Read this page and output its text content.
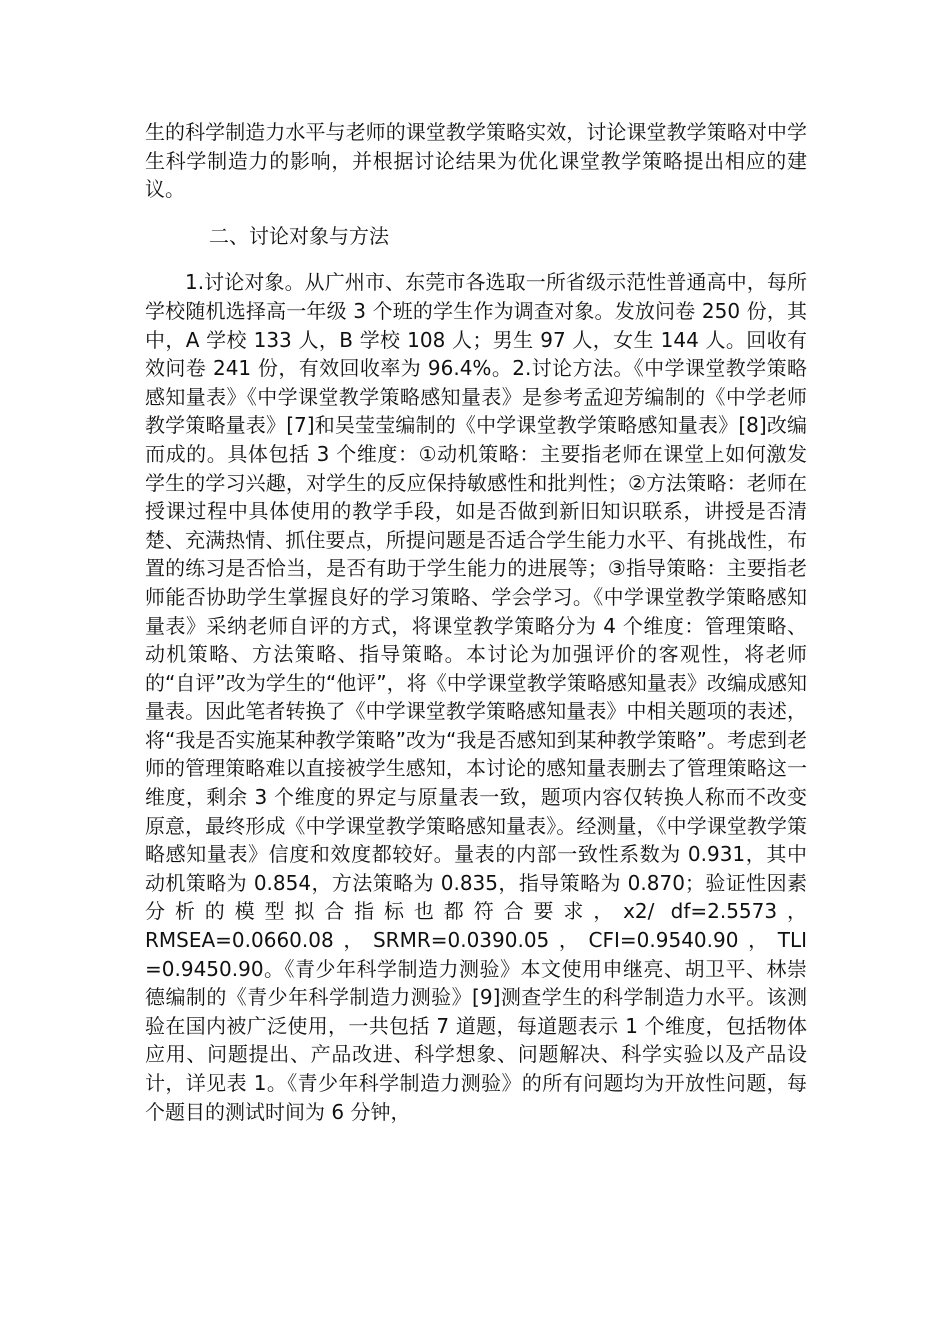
生的科学制造力水平与老师的课堂教学策略实效，讨论课堂教学策略对中学生科学制造力的影响，并根据讨论结果为优化课堂教学策略提出相应的建议。

二、讨论对象与方法

1.讨论对象。从广州市、东莞市各选取一所省级示范性普通高中，每所学校随机选择高一年级 3 个班的学生作为调查对象。发放问卷 250 份，其中，A 学校 133 人，B 学校 108 人；男生 97 人，女生 144 人。回收有效问卷 241 份，有效回收率为 96.4%。2.讨论方法。《中学课堂教学策略感知量表》《中学课堂教学策略感知量表》是参考孟迎芳编制的《中学老师教学策略量表》[7]和吴莹莹编制的《中学课堂教学策略感知量表》[8]改编而成的。具体包括 3 个维度：①动机策略：主要指老师在课堂上如何激发学生的学习兴趣，对学生的反应保持敏感性和批判性；②方法策略：老师在授课过程中具体使用的教学手段，如是否做到新旧知识联系，讲授是否清楚、充满热情、抓住要点，所提问题是否适合学生能力水平、有挑战性，布置的练习是否恰当，是否有助于学生能力的进展等；③指导策略：主要指老师能否协助学生掌握良好的学习策略、学会学习。《中学课堂教学策略感知量表》采纳老师自评的方式，将课堂教学策略分为 4 个维度：管理策略、动机策略、方法策略、指导策略。本讨论为加强评价的客观性，将老师的“自评”改为学生的“他评”，将《中学课堂教学策略感知量表》改编成感知量表。因此笔者转换了《中学课堂教学策略感知量表》中相关题项的表述，将“我是否实施某种教学策略”改为“我是否感知到某种教学策略”。考虑到老师的管理策略难以直接被学生感知，本讨论的感知量表删去了管理策略这一维度，剩余 3 个维度的界定与原量表一致，题项内容仅转换人称而不改变原意，最终形成《中学课堂教学策略感知量表》。经测量，《中学课堂教学策略感知量表》信度和效度都较好。量表的内部一致性系数为 0.931，其中动机策略为 0.854，方法策略为 0.835，指导策略为 0.870；验证性因素分析的模型拟合指标也都符合要求，x2/ df=2.5573，RMSEA=0.0660.08，SRMR=0.0390.05，CFI=0.9540.90，TLI =0.9450.90。《青少年科学制造力测验》本文使用申继亮、胡卫平、林崇德编制的《青少年科学制造力测验》[9]测查学生的科学制造力水平。该测验在国内被广泛使用，一共包括 7 道题，每道题表示 1 个维度，包括物体应用、问题提出、产品改进、科学想象、问题解决、科学实验以及产品设计，详见表 1。《青少年科学制造力测验》的所有问题均为开放性问题，每个题目的测试时间为 6 分钟，
